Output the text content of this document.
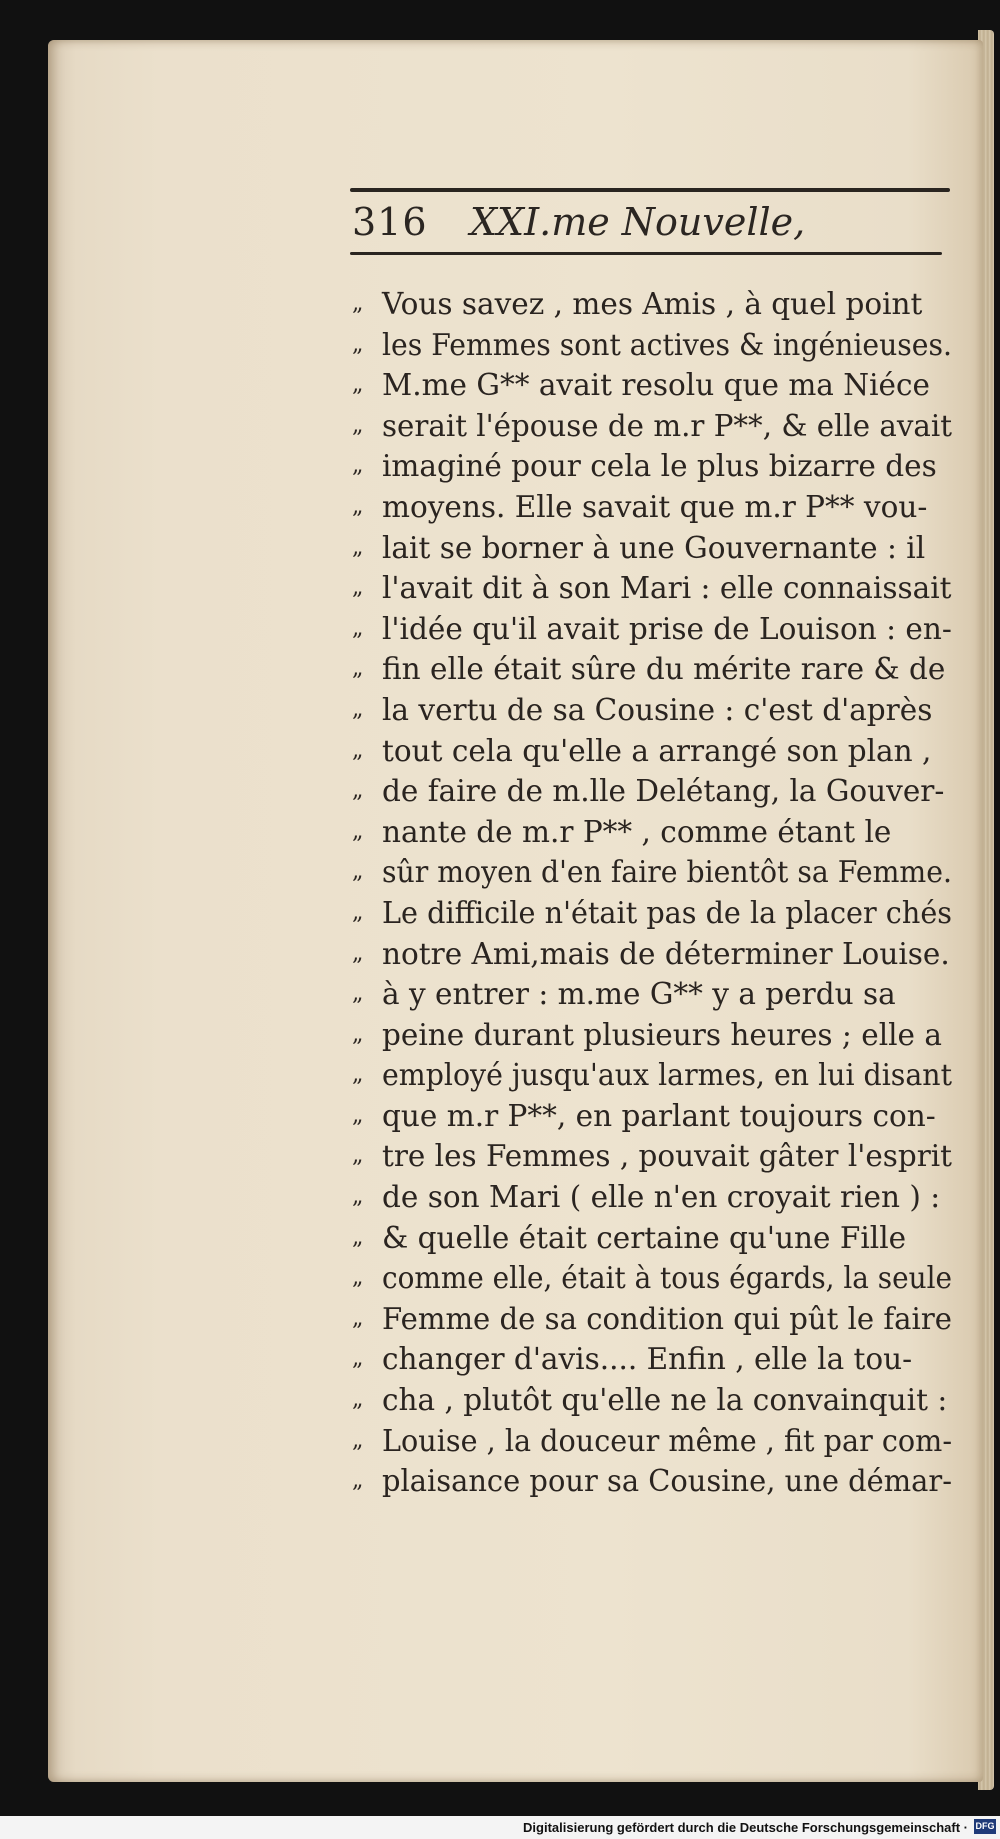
316 XXI.me Nouvelle,
„ Vous savez , mes Amis , à quel point
„ les Femmes sont actives & ingénieuses.
„ M.me G** avait resolu que ma Niéce
„ serait l'épouse de m.r P**, & elle avait
„ imaginé pour cela le plus bizarre des
„ moyens. Elle savait que m.r P** vou-
„ lait se borner à une Gouvernante : il
„ l'avait dit à son Mari : elle connaissait
„ l'idée qu'il avait prise de Louison : en-
„ fin elle était sûre du mérite rare & de
„ la vertu de sa Cousine : c'est d'après
„ tout cela qu'elle a arrangé son plan ,
„ de faire de m.lle Delétang, la Gouver-
„ nante de m.r P** , comme étant le
„ sûr moyen d'en faire bientôt sa Femme.
„ Le difficile n'était pas de la placer chés
„ notre Ami,mais de déterminer Louise.
„ à y entrer : m.me G** y a perdu sa
„ peine durant plusieurs heures ; elle a
„ employé jusqu'aux larmes, en lui disant
„ que m.r P**, en parlant toujours con-
„ tre les Femmes , pouvait gâter l'esprit
„ de son Mari ( elle n'en croyait rien ) :
„ & quelle était certaine qu'une Fille
„ comme elle, était à tous égards, la seule
„ Femme de sa condition qui pût le faire
„ changer d'avis.... Enfin , elle la tou-
„ cha , plutôt qu'elle ne la convainquit :
„ Louise , la douceur même , fit par com-
„ plaisance pour sa Cousine, une démar-
Digitalisierung gefördert durch die Deutsche Forschungsgemeinschaft · DFG
